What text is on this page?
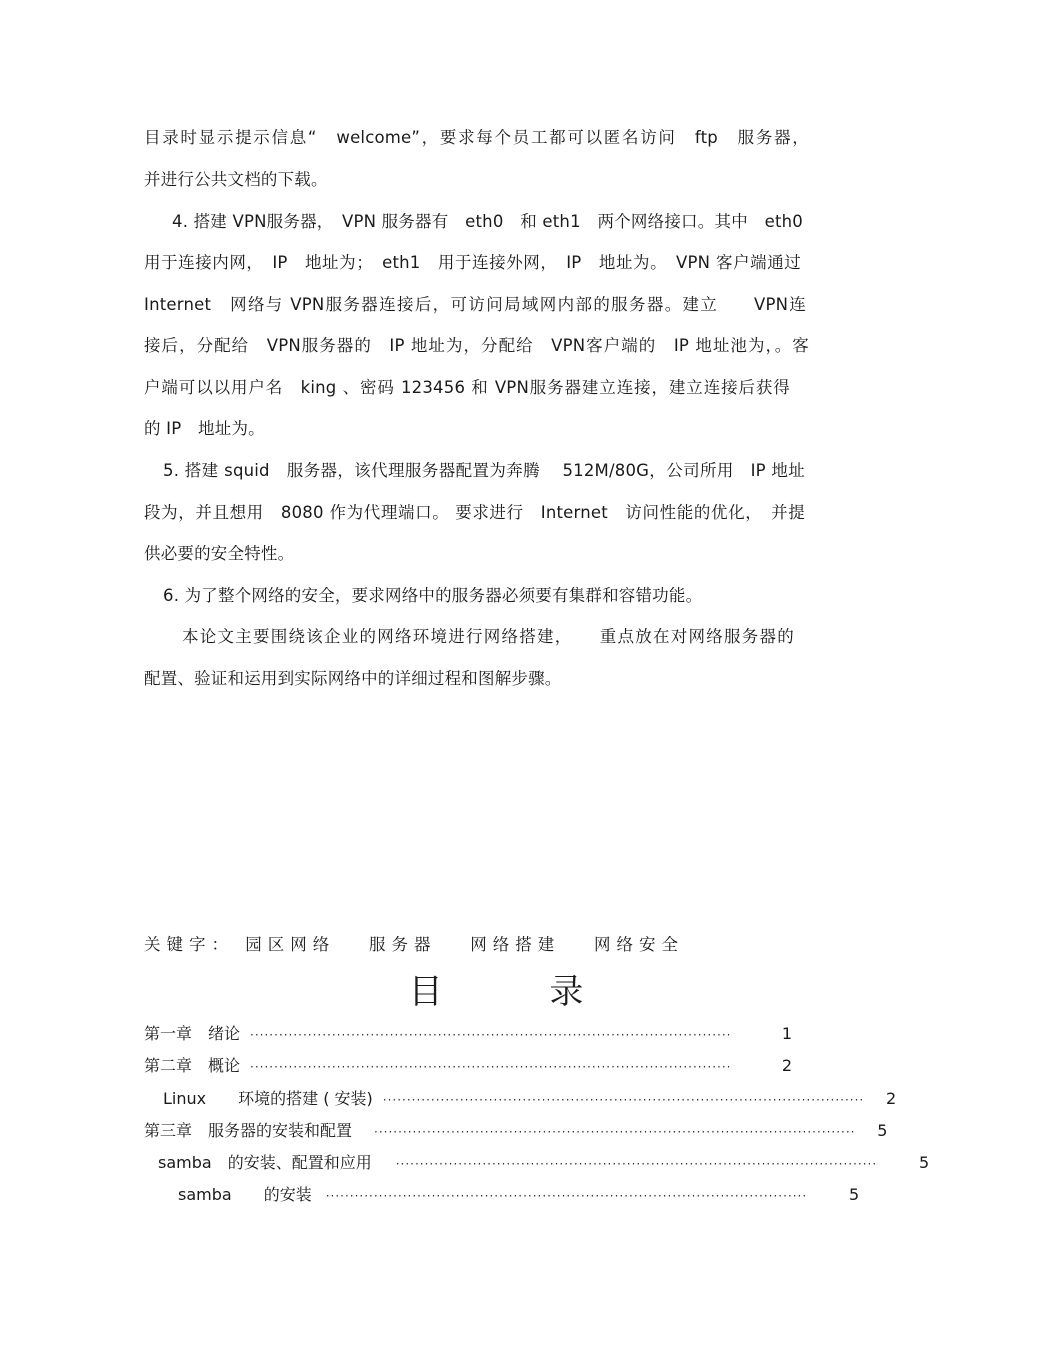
目录时显示提示信息“　welcome”，要求每个员工都可以匿名访问　ftp　服务器，
并进行公共文档的下载。
4. 搭建 VPN服务器，　VPN 服务器有　eth0　和 eth1　两个网络接口。其中　eth0
用于连接内网，　IP　地址为；　eth1　用于连接外网，　IP　地址为。　VPN 客户端通过
Internet　网络与 VPN服务器连接后，可访问局域网内部的服务器。建立　　VPN连
接后，分配给　VPN服务器的　IP 地址为，分配给　VPN客户端的　IP 地址池为，。客
户端可以以用户名　king 、密码 123456 和 VPN服务器建立连接，建立连接后获得
的 IP　地址为。
5. 搭建 squid　服务器，该代理服务器配置为奔腾　 512M/80G，公司所用　IP 地址
段为，并且想用　8080 作为代理端口。 要求进行　Internet　访问性能的优化，　并提
供必要的安全特性。
6. 为了整个网络的安全，要求网络中的服务器必须要有集群和容错功能。
本论文主要围绕该企业的网络环境进行网络搭建，　　重点放在对网络服务器的
配置、验证和运用到实际网络中的详细过程和图解步骤。
关键字： 园区网络　 服务器　 网络搭建　 网络安全
目 录
第一章　绪论 ····································································································	1
第二章　概论 ····································································································	2
Linux　　环境的搭建 ( 安装) ····································································································	2
第三章　服务器的安装和配置 ····································································································	5
samba　的安装、配置和应用 ····································································································	5
samba　　的安装 ····································································································	5
